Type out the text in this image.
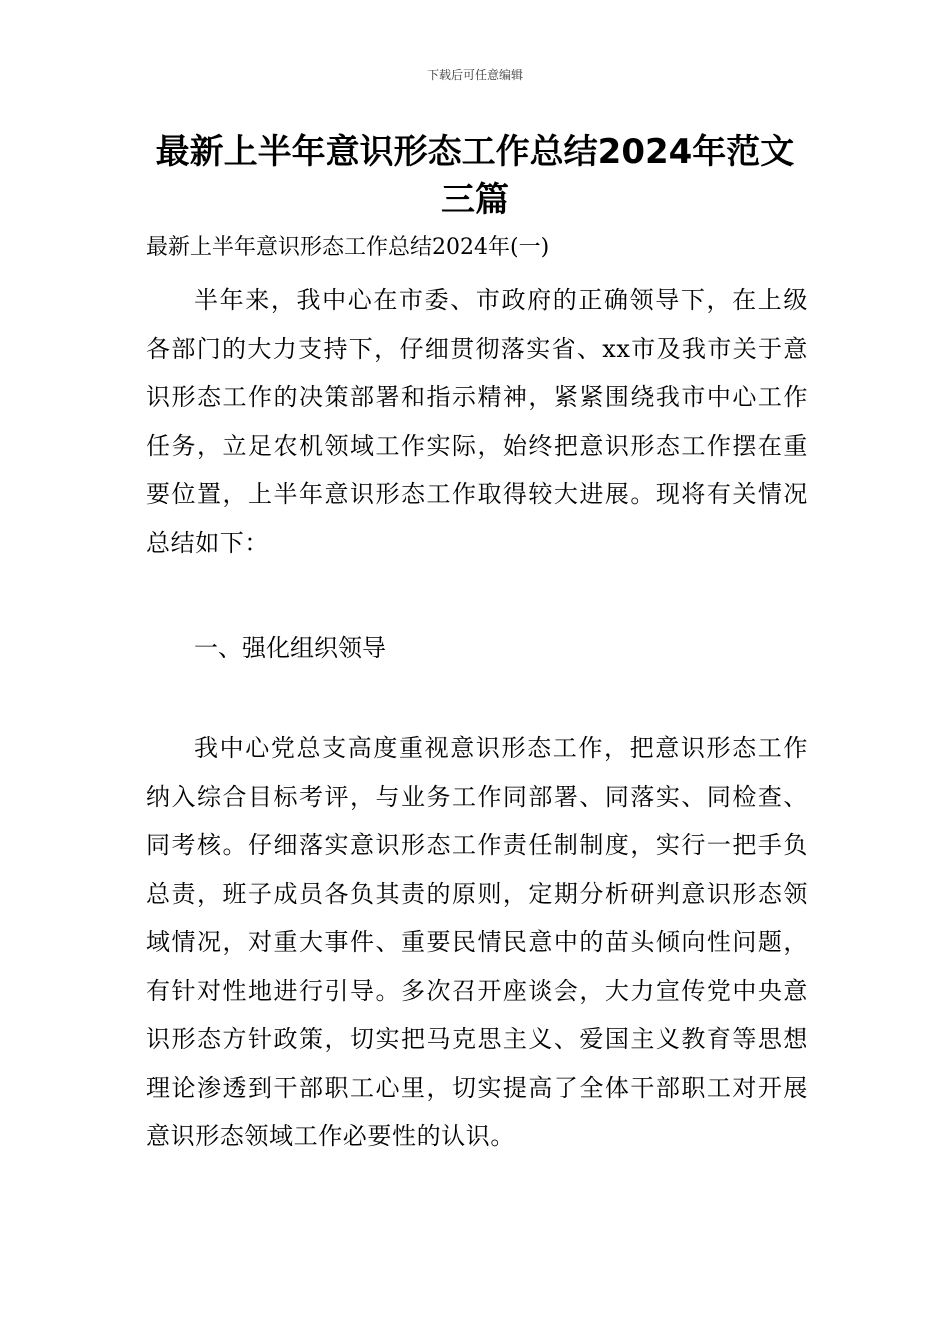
下载后可任意编辑
最新上半年意识形态工作总结2024年范文三篇

最新上半年意识形态工作总结2024年(一)

半年来，我中心在市委、市政府的正确领导下，在上级各部门的大力支持下，仔细贯彻落实省、xx市及我市关于意识形态工作的决策部署和指示精神，紧紧围绕我市中心工作任务，立足农机领域工作实际，始终把意识形态工作摆在重要位置，上半年意识形态工作取得较大进展。现将有关情况总结如下：

一、强化组织领导

我中心党总支高度重视意识形态工作，把意识形态工作纳入综合目标考评，与业务工作同部署、同落实、同检查、同考核。仔细落实意识形态工作责任制制度，实行一把手负总责，班子成员各负其责的原则，定期分析研判意识形态领域情况，对重大事件、重要民情民意中的苗头倾向性问题，有针对性地进行引导。多次召开座谈会，大力宣传党中央意识形态方针政策，切实把马克思主义、爱国主义教育等思想理论渗透到干部职工心里，切实提高了全体干部职工对开展意识形态领域工作必要性的认识。
